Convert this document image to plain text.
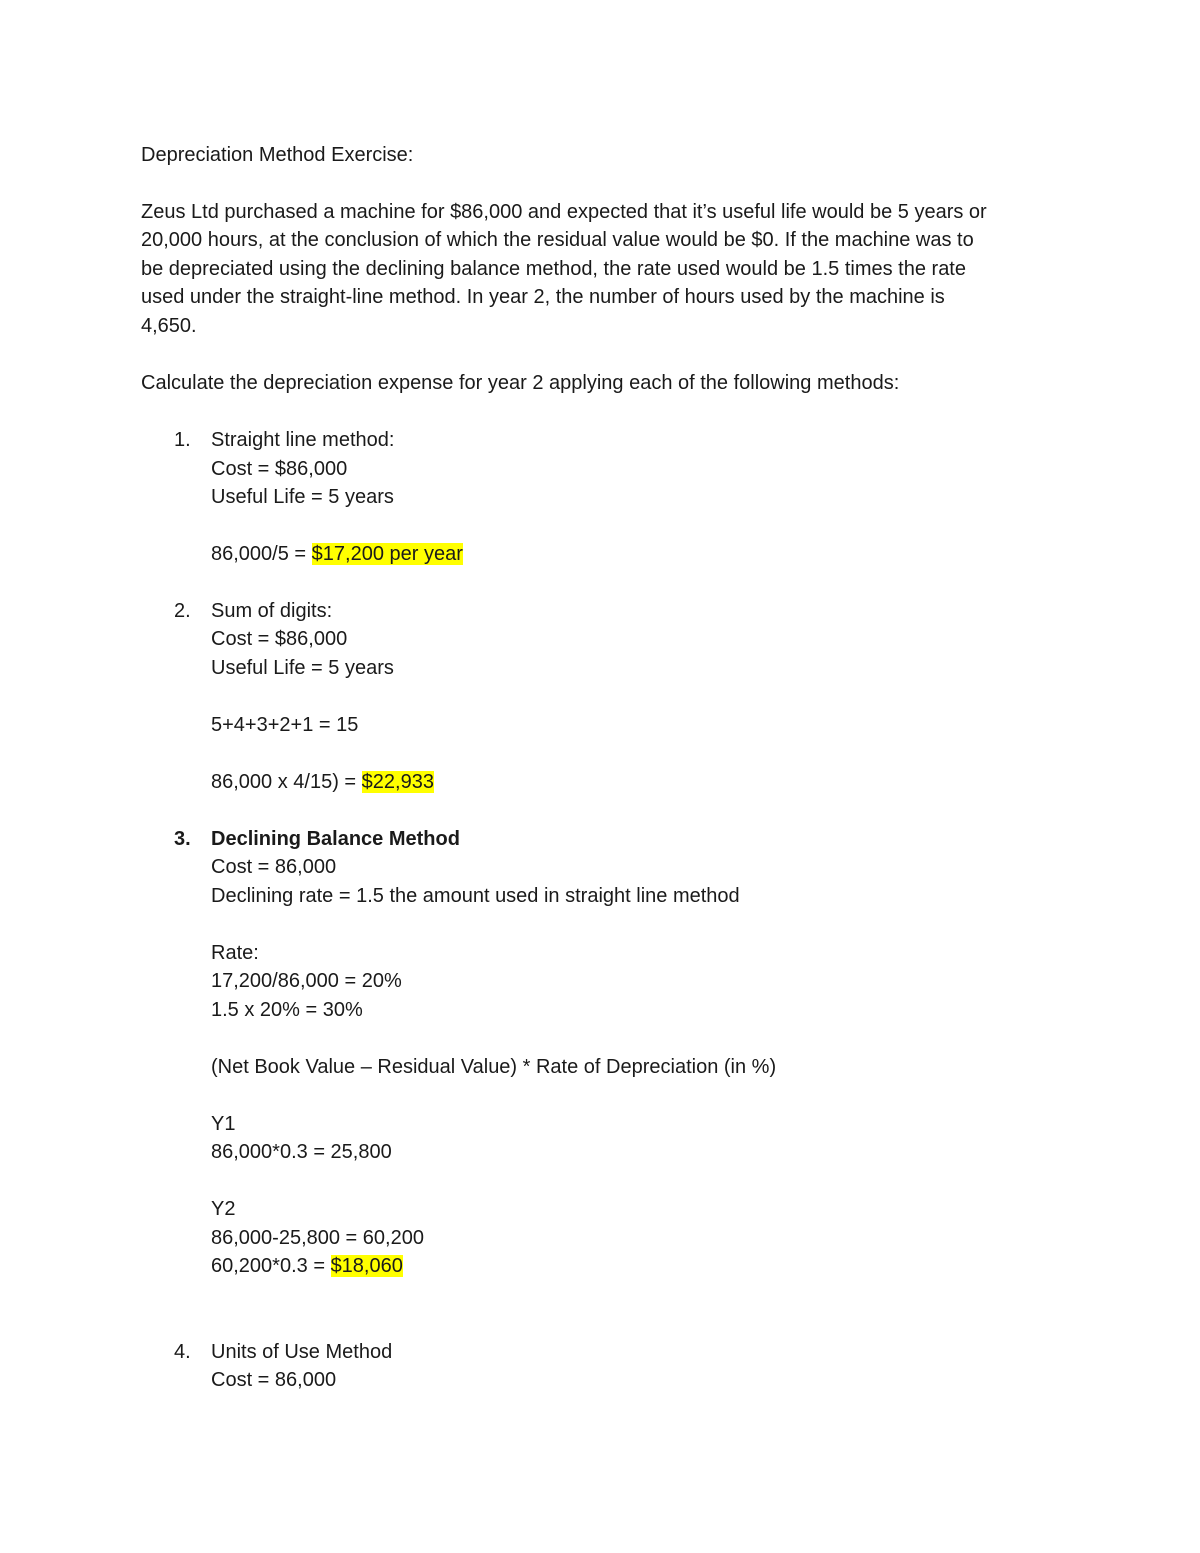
Depreciation Method Exercise:

Zeus Ltd purchased a machine for $86,000 and expected that it’s useful life would be 5 years or

20,000 hours, at the conclusion of which the residual value would be $0. If the machine was to

be depreciated using the declining balance method, the rate used would be 1.5 times the rate

used under the straight-line method. In year 2, the number of hours used by the machine is

4,650.

Calculate the depreciation expense for year 2 applying each of the following methods:

1. Straight line method:

Cost = $86,000

Useful Life = 5 years

86,000/5 = $17,200 per year

2. Sum of digits:

Cost = $86,000

Useful Life = 5 years

5+4+3+2+1 = 15

86,000 x 4/15) = $22,933

3. Declining Balance Method

Cost = 86,000

Declining rate = 1.5 the amount used in straight line method

Rate:

17,200/86,000 = 20%

1.5 x 20% = 30%

(Net Book Value – Residual Value) * Rate of Depreciation (in %)

Y1

86,000*0.3 = 25,800

Y2

86,000-25,800 = 60,200

60,200*0.3 = $18,060

4. Units of Use Method

Cost = 86,000
